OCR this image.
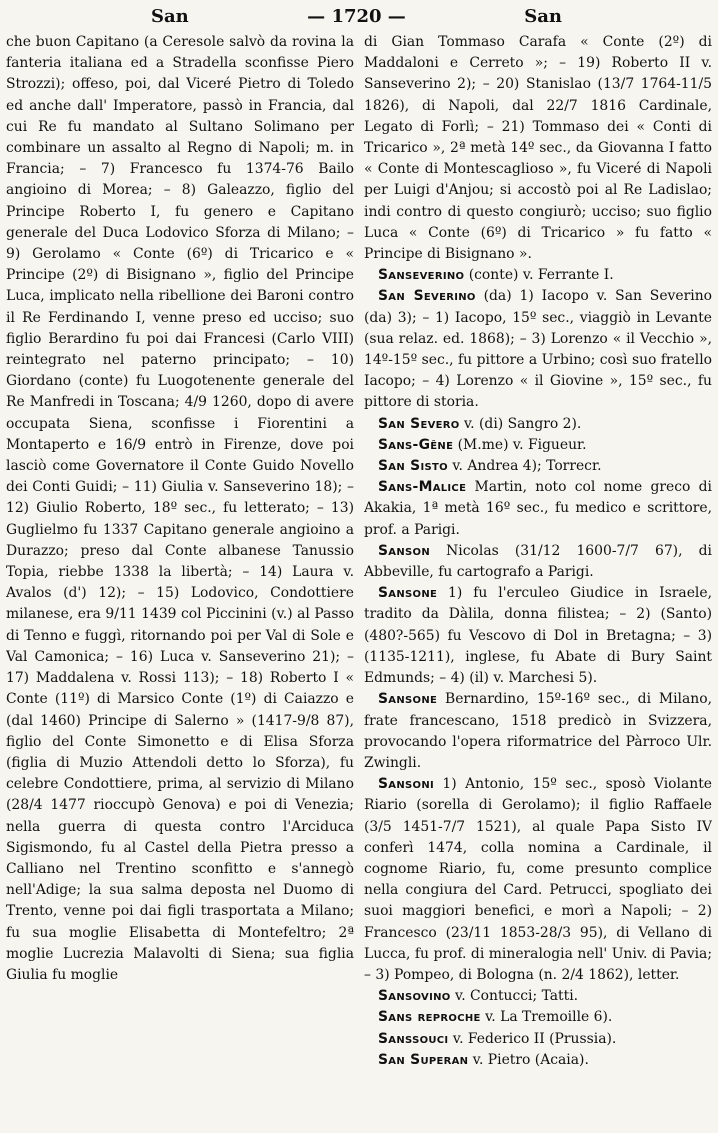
San	— 1720 —	San

che buon Capitano (a Ceresole salvò da rovina la fanteria italiana ed a Stradella sconfisse Piero Strozzi); offeso, poi, dal Viceré Pietro di Toledo ed anche dall' Imperatore, passò in Francia, dal cui Re fu mandato al Sultano Solimano per combinare un assalto al Regno di Napoli; m. in Francia; – 7) Francesco fu 1374-76 Bailo angioino di Morea; – 8) Galeazzo, figlio del Principe Roberto I, fu genero e Capitano generale del Duca Lodovico Sforza di Milano; – 9) Gerolamo « Conte (6º) di Tricarico e « Principe (2º) di Bisignano », figlio del Principe Luca, implicato nella ribellione dei Baroni contro il Re Ferdinando I, venne preso ed ucciso; suo figlio Berardino fu poi dai Francesi (Carlo VIII) reintegrato nel paterno principato; – 10) Giordano (conte) fu Luogotenente generale del Re Manfredi in Toscana; 4/9 1260, dopo di avere occupata Siena, sconfisse i Fiorentini a Montaperto e 16/9 entrò in Firenze, dove poi lasciò come Governatore il Conte Guido Novello dei Conti Guidi; – 11) Giulia v. Sanseverino 18); – 12) Giulio Roberto, 18º sec., fu letterato; – 13) Guglielmo fu 1337 Capitano generale angioino a Durazzo; preso dal Conte albanese Tanussio Topia, riebbe 1338 la libertà; – 14) Laura v. Avalos (d') 12); – 15) Lodovico, Condottiere milanese, era 9/11 1439 col Piccinini (v.) al Passo di Tenno e fuggì, ritornando poi per Val di Sole e Val Camonica; – 16) Luca v. Sanseverino 21); – 17) Maddalena v. Rossi 113); – 18) Roberto I « Conte (11º) di Marsico Conte (1º) di Caiazzo e (dal 1460) Principe di Salerno » (1417-9/8 87), figlio del Conte Simonetto e di Elisa Sforza (figlia di Muzio Attendoli detto lo Sforza), fu celebre Condottiere, prima, al servizio di Milano (28/4 1477 rioccupò Genova) e poi di Venezia; nella guerra di questa contro l'Arciduca Sigismondo, fu al Castel della Pietra presso a Calliano nel Trentino sconfitto e s'annegò nell'Adige; la sua salma deposta nel Duomo di Trento, venne poi dai figli trasportata a Milano; fu sua moglie Elisabetta di Montefeltro; 2ª moglie Lucrezia Malavolti di Siena; sua figlia Giulia fu moglie

di Gian Tommaso Carafa « Conte (2º) di Maddaloni e Cerreto »; – 19) Roberto II v. Sanseverino 2); – 20) Stanislao (13/7 1764-11/5 1826), di Napoli, dal 22/7 1816 Cardinale, Legato di Forlì; – 21) Tommaso dei « Conti di Tricarico », 2ª metà 14º sec., da Giovanna I fatto « Conte di Montescaglioso », fu Viceré di Napoli per Luigi d'Anjou; si accostò poi al Re Ladislao; indi contro di questo congiurò; ucciso; suo figlio Luca « Conte (6º) di Tricarico » fu fatto « Principe di Bisignano ».

Sanseverino (conte) v. Ferrante I.

San Severino (da) 1) Iacopo v. San Severino (da) 3); – 1) Iacopo, 15º sec., viaggiò in Levante (sua relaz. ed. 1868); – 3) Lorenzo « il Vecchio », 14º-15º sec., fu pittore a Urbino; così suo fratello Iacopo; – 4) Lorenzo « il Giovine », 15º sec., fu pittore di storia.

San Severo v. (di) Sangro 2).

Sans-Gêne (M.me) v. Figueur.

San Sisto v. Andrea 4); Torrecr.

Sans-Malice Martin, noto col nome greco di Akakia, 1ª metà 16º sec., fu medico e scrittore, prof. a Parigi.

Sanson Nicolas (31/12 1600-7/7 67), di Abbeville, fu cartografo a Parigi.

Sansone 1) fu l'erculeo Giudice in Israele, tradito da Dàlila, donna filistea; – 2) (Santo) (480?-565) fu Vescovo di Dol in Bretagna; – 3) (1135-1211), inglese, fu Abate di Bury Saint Edmunds; – 4) (il) v. Marchesi 5).

Sansone Bernardino, 15º-16º sec., di Milano, frate francescano, 1518 predicò in Svizzera, provocando l'opera riformatrice del Pàrroco Ulr. Zwingli.

Sansoni 1) Antonio, 15º sec., sposò Violante Riario (sorella di Gerolamo); il figlio Raffaele (3/5 1451-7/7 1521), al quale Papa Sisto IV conferì 1474, colla nomina a Cardinale, il cognome Riario, fu, come presunto complice nella congiura del Card. Petrucci, spogliato dei suoi maggiori benefici, e morì a Napoli; – 2) Francesco (23/11 1853-28/3 95), di Vellano di Lucca, fu prof. di mineralogia nell' Univ. di Pavia; – 3) Pompeo, di Bologna (n. 2/4 1862), letter.

Sansovino v. Contucci; Tatti.

Sans reproche v. La Tremoille 6).

Sanssouci v. Federico II (Prussia).

San Superan v. Pietro (Acaia).
